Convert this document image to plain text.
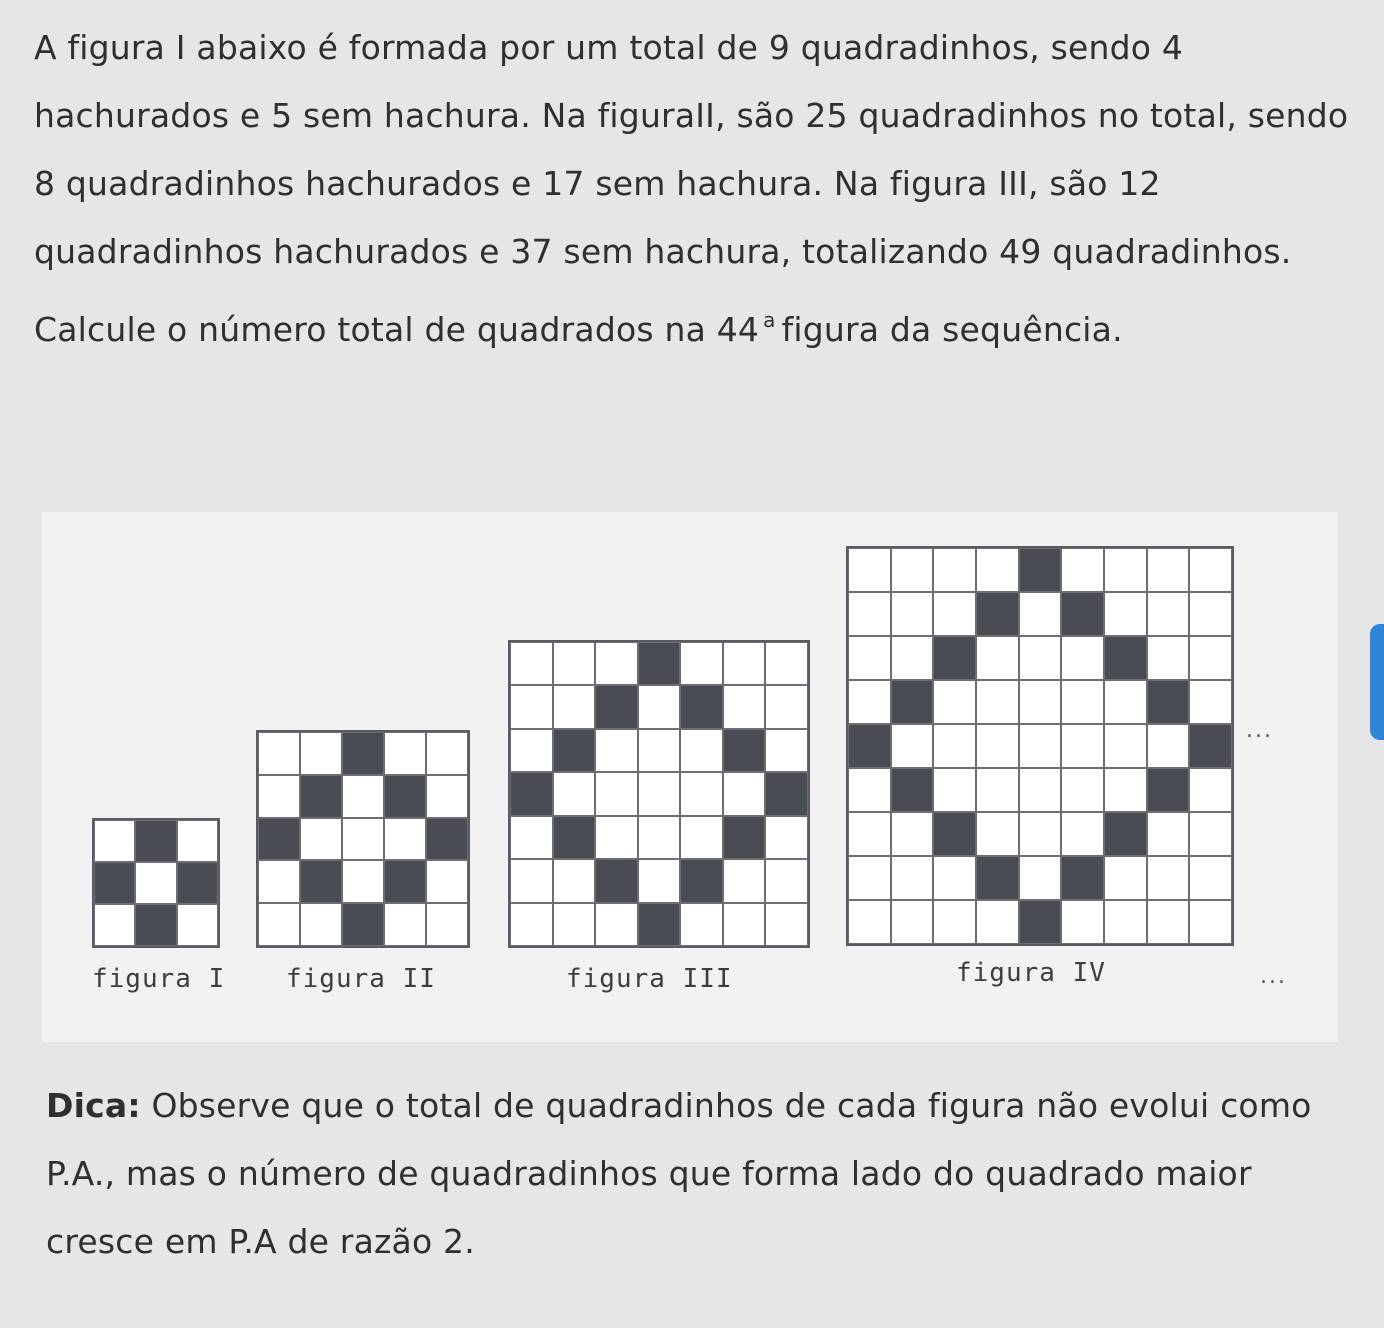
A figura I abaixo é formada por um total de 9 quadradinhos, sendo 4 hachurados e 5 sem hachura. Na figuraII, são 25 quadradinhos no total, sendo 8 quadradinhos hachurados e 17 sem hachura. Na figura III, são 12 quadradinhos hachurados e 37 sem hachura, totalizando 49 quadradinhos. Calcule o número total de quadrados na 44 $^a$ figura da sequência.

figura I figura II	figura III	figura IV
...
...

Dica: Observe que o total de quadradinhos de cada figura não evolui como P.A., mas o número de quadradinhos que forma lado do quadrado maior cresce em P.A de razão 2.
